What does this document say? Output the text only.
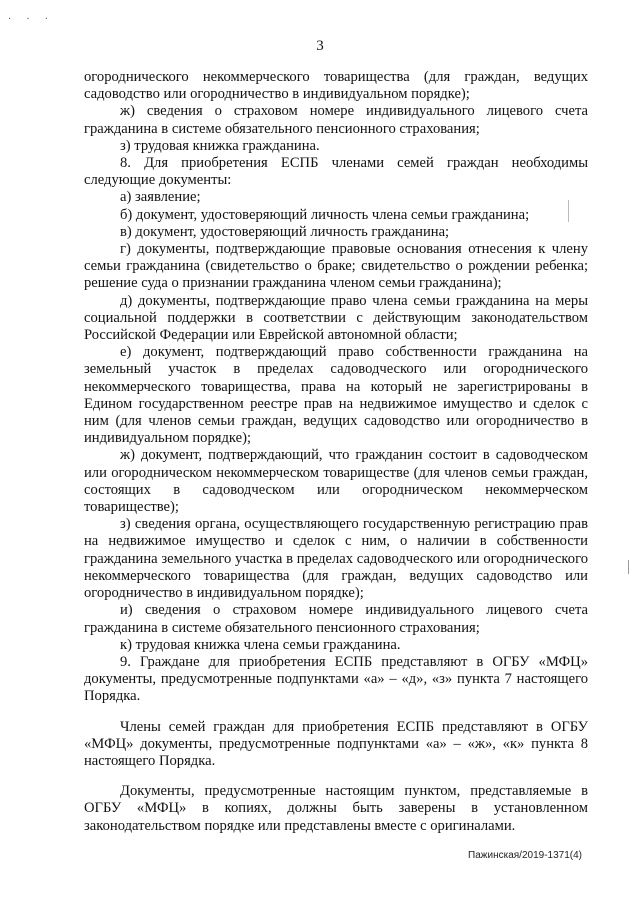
· · ·
3

огороднического некоммерческого товарищества (для граждан, ведущих садоводство или огородничество в индивидуальном порядке);

ж) сведения о страховом номере индивидуального лицевого счета гражданина в системе обязательного пенсионного страхования;

з) трудовая книжка гражданина.

8. Для приобретения ЕСПБ членами семей граждан необходимы следующие документы:

а) заявление;

б) документ, удостоверяющий личность члена семьи гражданина;

в) документ, удостоверяющий личность гражданина;

г) документы, подтверждающие правовые основания отнесения к члену семьи гражданина (свидетельство о браке; свидетельство о рождении ребенка; решение суда о признании гражданина членом семьи гражданина);

д) документы, подтверждающие право члена семьи гражданина на меры социальной поддержки в соответствии с действующим законодательством Российской Федерации или Еврейской автономной области;

е) документ, подтверждающий право собственности гражданина на земельный участок в пределах садоводческого или огороднического некоммерческого товарищества, права на который не зарегистрированы в Едином государственном реестре прав на недвижимое имущество и сделок с ним (для членов семьи граждан, ведущих садоводство или огородничество в индивидуальном порядке);

ж) документ, подтверждающий, что гражданин состоит в садоводческом или огородническом некоммерческом товариществе (для членов семьи граждан, состоящих в садоводческом или огородническом некоммерческом товариществе);

з) сведения органа, осуществляющего государственную регистрацию прав на недвижимое имущество и сделок с ним, о наличии в собственности гражданина земельного участка в пределах садоводческого или огороднического некоммерческого товарищества (для граждан, ведущих садоводство или огородничество в индивидуальном порядке);

и) сведения о страховом номере индивидуального лицевого счета гражданина в системе обязательного пенсионного страхования;

к) трудовая книжка члена семьи гражданина.

9. Граждане для приобретения ЕСПБ представляют в ОГБУ «МФЦ» документы, предусмотренные подпунктами «а» – «д», «з» пункта 7 настоящего Порядка.

Члены семей граждан для приобретения ЕСПБ представляют в ОГБУ «МФЦ» документы, предусмотренные подпунктами «а» – «ж», «к» пункта 8 настоящего Порядка.

Документы, предусмотренные настоящим пунктом, представляемые в ОГБУ «МФЦ» в копиях, должны быть заверены в установленном законодательством порядке или представлены вместе с оригиналами.

Пажинская/2019-1371(4)
